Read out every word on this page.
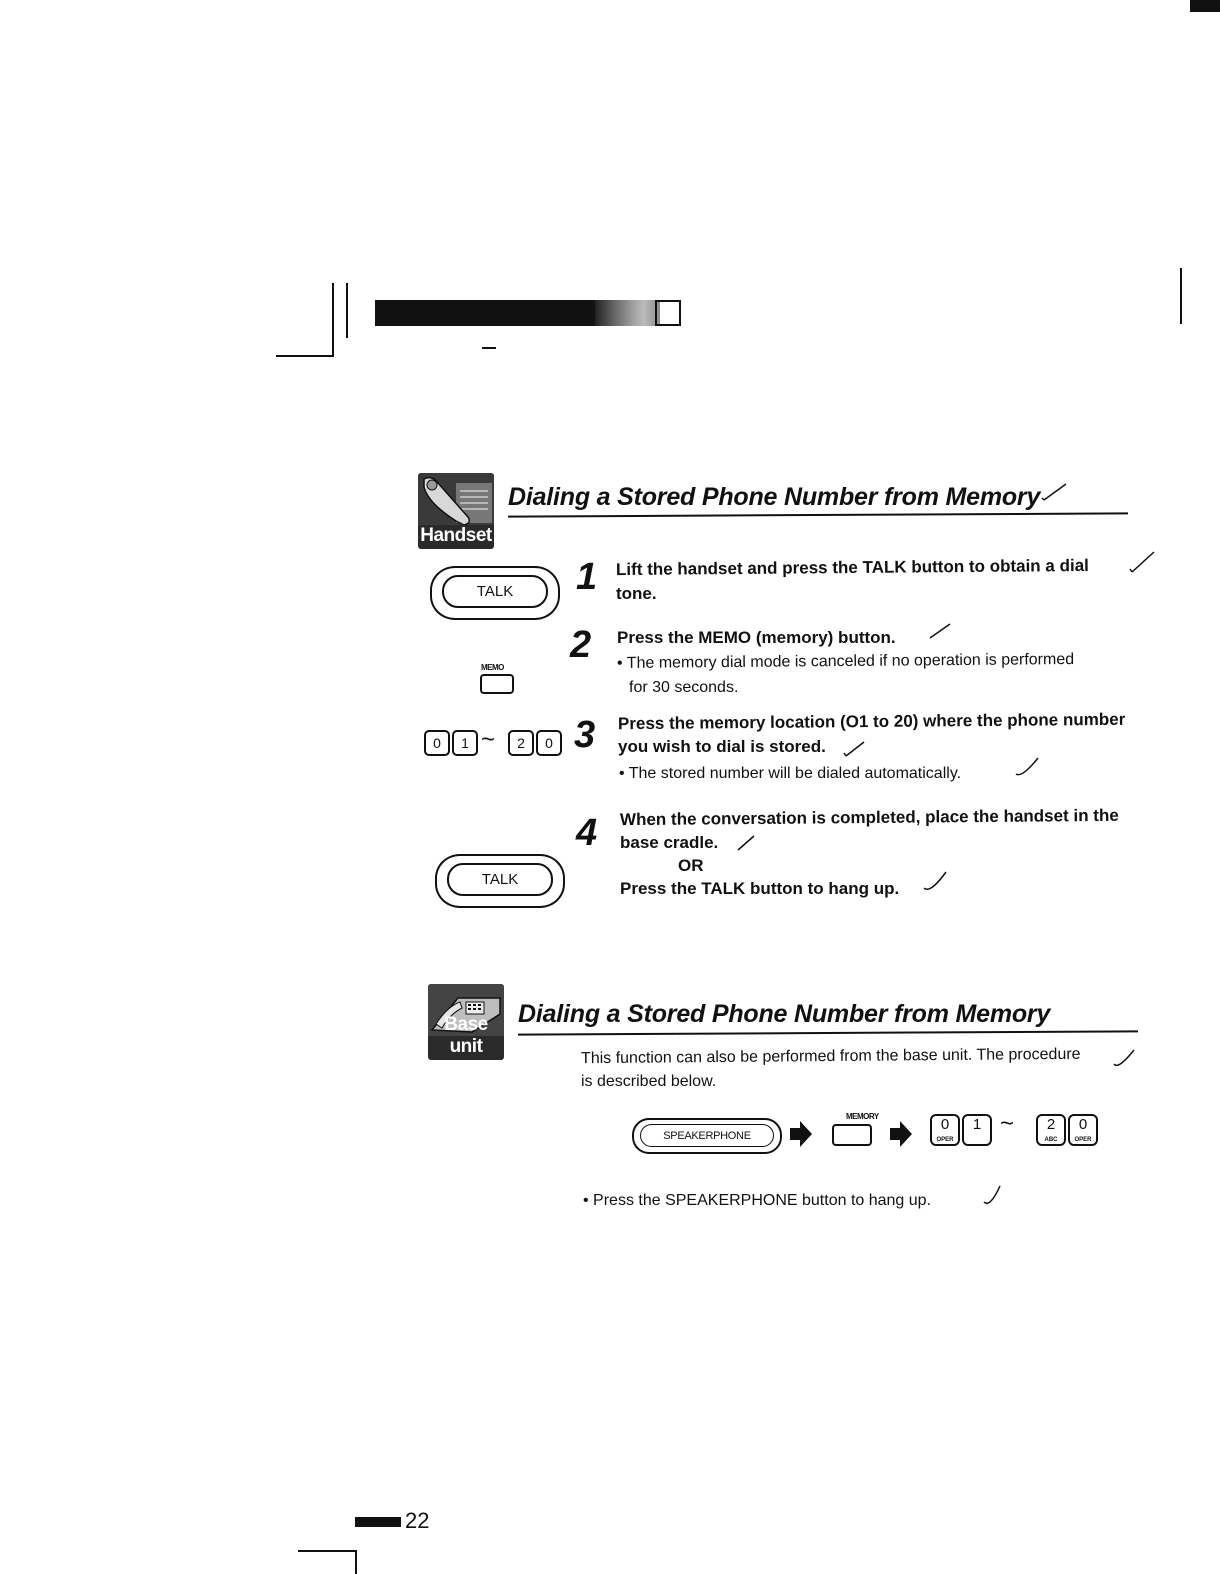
Handset
Dialing a Stored Phone Number from Memory
TALK	1 Lift the handset and press the TALK button to obtain a dial
tone.
MEMO
2 Press the MEMO (memory) button.
• The memory dial mode is canceled if no operation is performed
for 30 seconds.
0	1 ~	2	0 3 Press the memory location (O1 to 20) where the phone number
you wish to dial is stored.
• The stored number will be dialed automatically.
4 When the conversation is completed, place the handset in the
base cradle.
OR
Press the TALK button to hang up.
TALK
Base unit
Dialing a Stored Phone Number from Memory
This function can also be performed from the base unit. The procedure
is described below.
SPEAKERPHONE
MEMORY	0
OPER
1 ~ 2
ABC
0
OPER
• Press the SPEAKERPHONE button to hang up.
22
